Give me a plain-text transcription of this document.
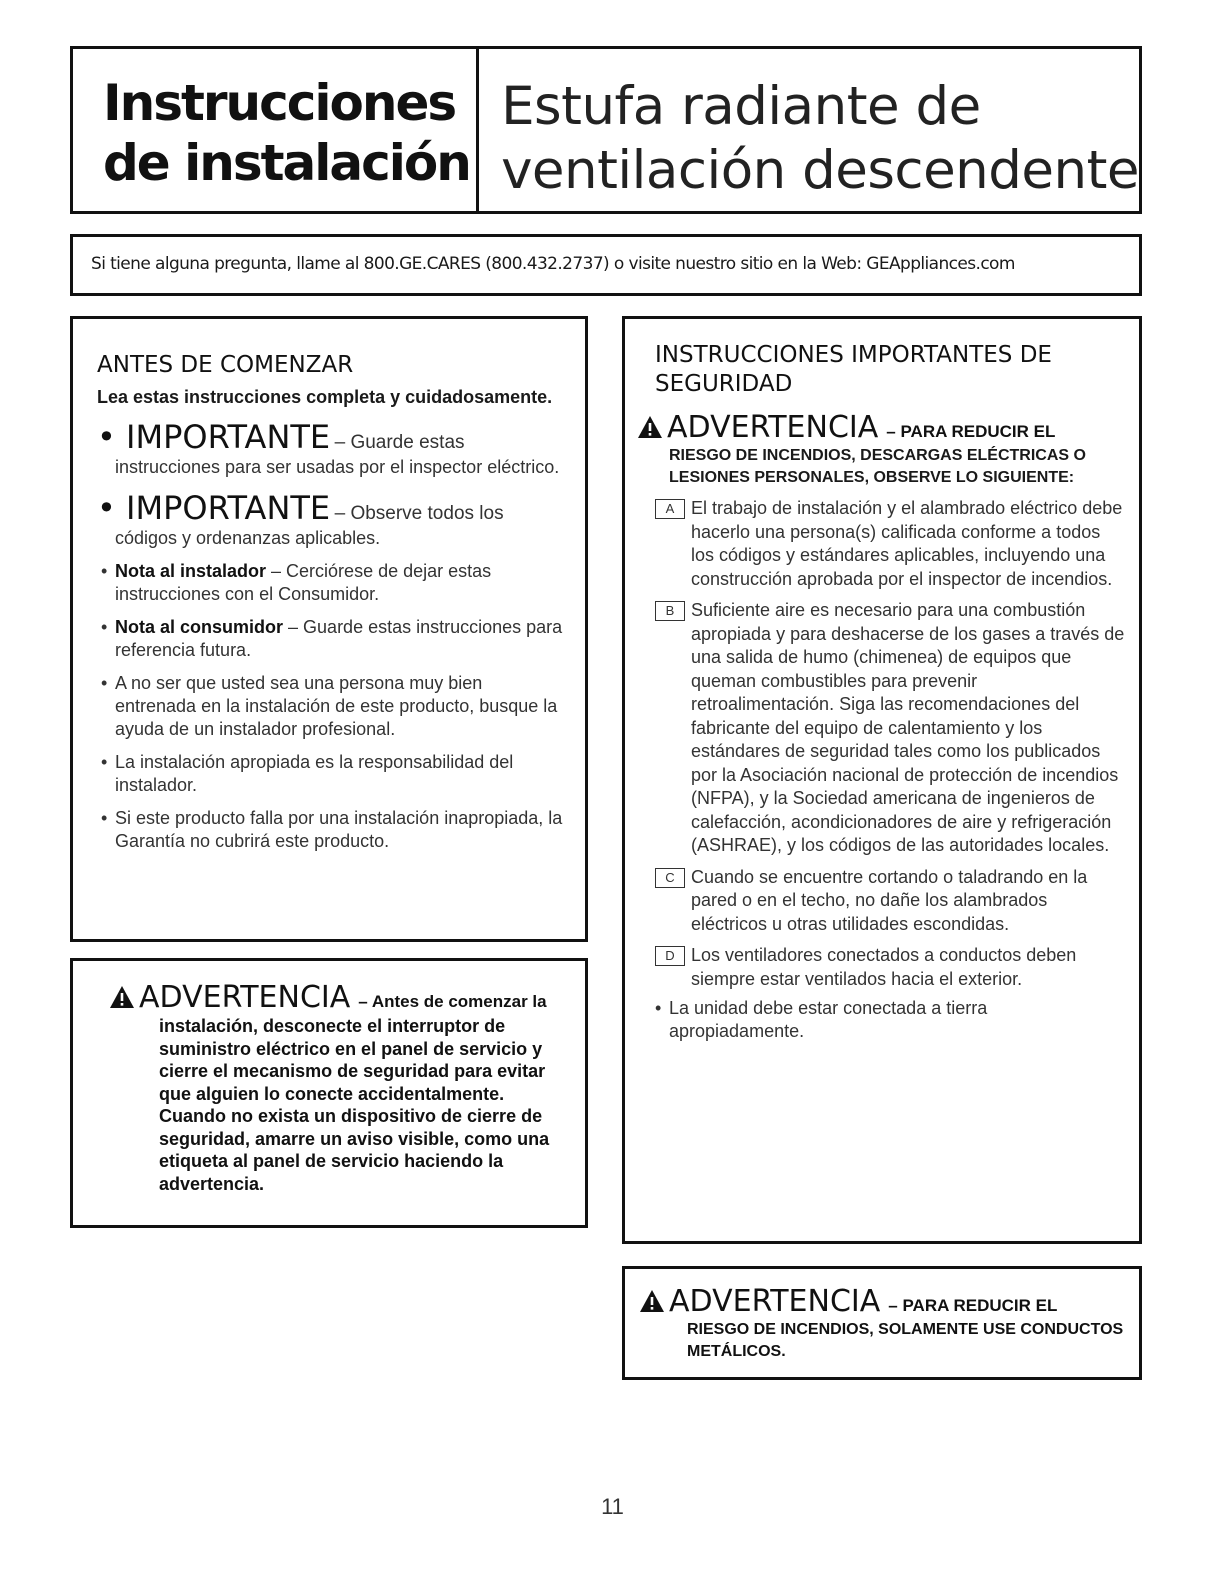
Instrucciones
de instalación
Estufa radiante de
ventilación descendente
Si tiene alguna pregunta, llame al 800.GE.CARES (800.432.2737) o visite nuestro sitio en la Web: GEAppliances.com
ANTES DE COMENZAR
Lea estas instrucciones completa y cuidadosamente.
• IMPORTANTE – Guarde estas
instrucciones para ser usadas por el inspector eléctrico.
• IMPORTANTE – Observe todos los
códigos y ordenanzas aplicables.
• Nota al instalador – Cerciórese de dejar estas instrucciones con el Consumidor.
• Nota al consumidor – Guarde estas instrucciones para referencia futura.
• A no ser que usted sea una persona muy bien entrenada en la instalación de este producto, busque la ayuda de un instalador profesional.
• La instalación apropiada es la responsabilidad del instalador.
• Si este producto falla por una instalación inapropiada, la Garantía no cubrirá este producto.
ADVERTENCIA – Antes de comenzar la
instalación, desconecte el interruptor de suministro eléctrico en el panel de servicio y cierre el mecanismo de seguridad para evitar que alguien lo conecte accidentalmente. Cuando no exista un dispositivo de cierre de seguridad, amarre un aviso visible, como una etiqueta al panel de servicio haciendo la advertencia.
INSTRUCCIONES IMPORTANTES DE SEGURIDAD
ADVERTENCIA – PARA REDUCIR EL
RIESGO DE INCENDIOS, DESCARGAS ELÉCTRICAS O LESIONES PERSONALES, OBSERVE LO SIGUIENTE:
A El trabajo de instalación y el alambrado eléctrico debe hacerlo una persona(s) calificada conforme a todos los códigos y estándares aplicables, incluyendo una construcción aprobada por el inspector de incendios.
B Suficiente aire es necesario para una combustión apropiada y para deshacerse de los gases a través de una salida de humo (chimenea) de equipos que queman combustibles para prevenir retroalimentación. Siga las recomendaciones del fabricante del equipo de calentamiento y los estándares de seguridad tales como los publicados por la Asociación nacional de protección de incendios (NFPA), y la Sociedad americana de ingenieros de calefacción, acondicionadores de aire y refrigeración (ASHRAE), y los códigos de las autoridades locales.
C Cuando se encuentre cortando o taladrando en la pared o en el techo, no dañe los alambrados eléctricos u otras utilidades escondidas.
D Los ventiladores conectados a conductos deben siempre estar ventilados hacia el exterior.
• La unidad debe estar conectada a tierra apropiadamente.
ADVERTENCIA – PARA REDUCIR EL
RIESGO DE INCENDIOS, SOLAMENTE USE CONDUCTOS METÁLICOS.
11
